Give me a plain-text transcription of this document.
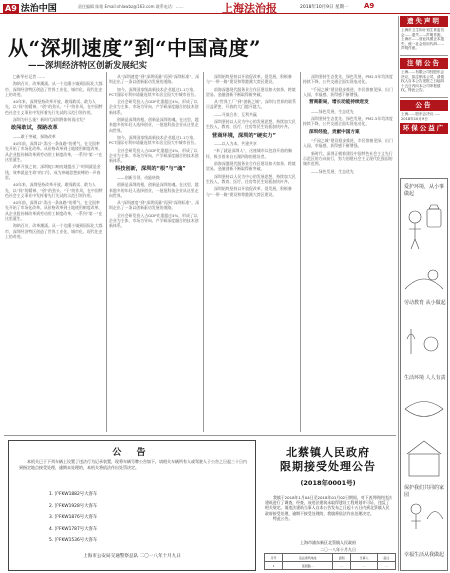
A9 法治中国	责任编辑 陈歌 Email:shlawbz@163.com 联系电话：……	上海法治报	2018年10月9日 星期一 A9
从“深圳速度”到“中国高度”
——深圳经济特区创新发展纪实

□新华社记者 ……

海纳百川，改革潮涌。从一个边陲小镇到国际化大都市，深圳经济特区创造了世界工业化、城市化、现代化史上的奇迹。

40年来，深圳坚持改革开放，敢闯敢试、敢为人先，以“闯”的精神、“创”的劲头、“干”的作风，在中国特色社会主义事业中发挥着先行先试的示范引领作用。

深圳为什么能？新时代深圳将如何再出发？

敢闯敢试，探路改革

——敢于突破，探路改革

40年前，深圳以“杀出一条血路”的勇气，在全国率先开始了市场化改革。从价格改革到土地使用制度改革，从企业股份制改革到劳动用工制度改革，一系列“第一”在这里诞生。

改革开放之初，深圳蛇口响亮地提出了“时间就是金钱，效率就是生命”的口号，成为冲破思想束缚的一声春雷。

40年来，深圳坚持改革开放，敢闯敢试、敢为人先，以“闯”的精神、“创”的劲头、“干”的作风，在中国特色社会主义事业中发挥着先行先试的示范引领作用。

40年前，深圳以“杀出一条血路”的勇气，在全国率先开始了市场化改革。从价格改革到土地使用制度改革，从企业股份制改革到劳动用工制度改革，一系列“第一”在这里诞生。

海纳百川，改革潮涌。从一个边陲小镇到国际化大都市，深圳经济特区创造了世界工业化、城市化、现代化史上的奇迹。

从“深圳速度”到“深圳质量”再到“深圳标准”，深圳走出了一条以创新驱动发展的道路。

如今，深圳国家级高新技术企业超过1.1万家，PCT国际专利申请量连续多年居全国大中城市首位。

全社会研发投入占GDP比重超过4%，形成了以企业为主体、市场为导向、产学研深度融合的技术创新体系。

创新是深圳的根，创新是深圳的魂。在这里，越来越多的年轻人选择创业，一批批科技企业从这里走向世界。

如今，深圳国家级高新技术企业超过1.1万家，PCT国际专利申请量连续多年居全国大中城市首位。

全社会研发投入占GDP比重超过4%，形成了以企业为主体、市场为导向、产学研深度融合的技术创新体系。

科技创新，深圳的“根”与“魂”

——创新引领，动能转换

创新是深圳的根，创新是深圳的魂。在这里，越来越多的年轻人选择创业，一批批科技企业从这里走向世界。

从“深圳速度”到“深圳质量”再到“深圳标准”，深圳走出了一条以创新驱动发展的道路。

全社会研发投入占GDP比重超过4%，形成了以企业为主体、市场为导向、产学研深度融合的技术创新体系。

深圳始终坚持以开放促改革、促发展，积极参与“一带一路”建设和粤港澳大湾区建设。

前海深港现代服务业合作区建设如火如荼，跨境贸易、金融创新不断取得新突破。

从“世界工厂”到“创新之城”，深圳与世界的联系日益紧密，开放的大门越开越大。

——开放合作，互利共赢

深圳坚持以人民为中心的发展思想，持续加大民生投入，教育、医疗、住房等民生短板加快补齐。

营商环境，深圳的“硬实力”

——以人为本，共建共享

“来了就是深圳人”，这座城市以包容开放的胸怀，吸引着来自五湖四海的建设者。

前海深港现代服务业合作区建设如火如荼，跨境贸易、金融创新不断取得新突破。

深圳坚持以人民为中心的发展思想，持续加大民生投入，教育、医疗、住房等民生短板加快补齐。

深圳始终坚持以开放促改革、促发展，积极参与“一带一路”建设和粤港澳大湾区建设。

深圳坚持生态优先、绿色发展，PM2.5年均浓度持续下降，公共交通全面实现电动化。

“千园之城”建设稳步推进，市民推窗见绿、出门入园，幸福感、获得感不断增强。

营商新局，增长动能持续迸发

——绿色发展，生态优先

深圳坚持生态优先、绿色发展，PM2.5年均浓度持续下降，公共交通全面实现电动化。

深圳经验，贡献中国方案

“千园之城”建设稳步推进，市民推窗见绿、出门入园，幸福感、获得感不断增强。

新时代，深圳正朝着建设中国特色社会主义先行示范区的方向前行，努力创建社会主义现代化强国的城市范例。

——绿色发展，生态优先

公 告
本机关已于下列车辆上设置了违法行为记录装置，现将车辆号牌公告如下，请相关车辆所有人或驾驶人于公告之日起三十日内到指定地点接受处理，逾期未处理的，本机关将依法作出处罚决定。
1. 沪FKW1882号大客车
2. 沪FKW1928号大客车
3. 沪FKW1876号大客车
4. 沪FKW1787号大客车
5. 沪FKW1536号大客车
上海市公安局交通警察总队 二〇一八年十月九日
北蔡镇人民政府
限期接受处理公告
(2018年0001号)
我镇于2018年1月04日至2018年01月02日期间，对下表列明的违法建筑进行了调查，经查，该违法建筑未取得建设工程规划许可证，违反了相关规定。请违法建筑当事人自本公告发布之日起十五日内到北蔡镇人民政府接受处理，逾期不接受处理的，我镇将依法作出处理决定。
特此公告。
上海市浦东新区北蔡镇人民政府
二〇一八年十月九日
序号	违法建筑地址	面积	当事人	备注
1	莲园路…	…	…	…
遗失声明
上海市卫生和计划生育委员会……遗失……声明作废。上海市……营业执照正本遗失，统一社会信用代码……声明作废。
注销公告
上海……有限公司经股东会决议，拟注销本公司，请债权人自本公告见报之日起四十五日内向本公司申报债权。特此公告。
公告
上海……股东会决议……2018年10月9日
环保公益广告
爱护环境，从小事做起
劳动教育 从小做起
生活环境 人人有责
保护我们共同的家园
幸福生活从我做起
